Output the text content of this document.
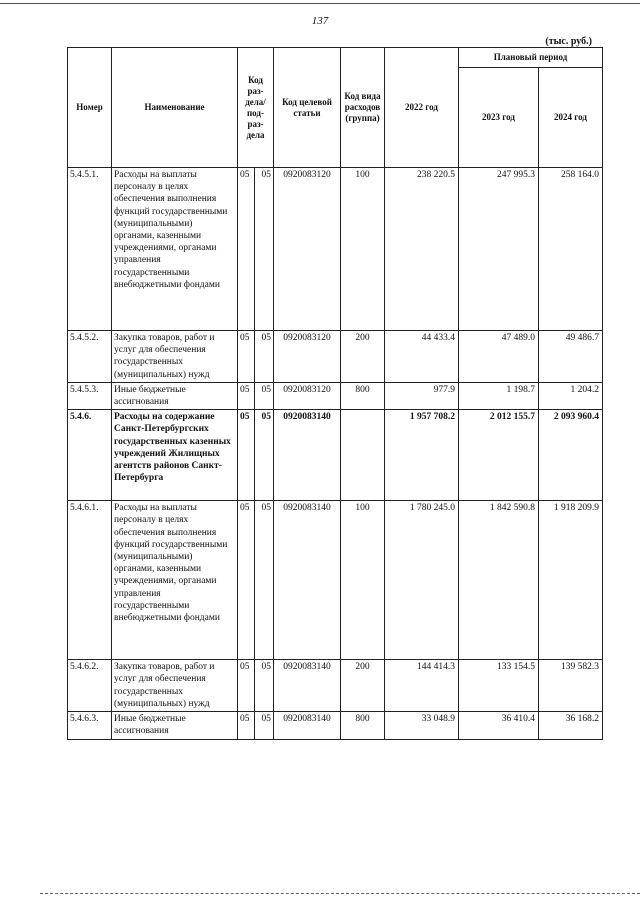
137
(тыс. руб.)
Номер	Наименование	Код раз-дела/ под-раз-дела		Код целевой статьи	Код вида расходов (группа)	2022 год	Плановый период	
							2023 год	2024 год
5.4.5.1.	Расходы на выплаты персоналу в целях обеспечения выполнения функций государственными (муниципальными) органами, казенными учреждениями, органами управления государственными внебюджетными фондами	05	05	0920083120	100	238 220.5	247 995.3	258 164.0
5.4.5.2.	Закупка товаров, работ и услуг для обеспечения государственных (муниципальных) нужд	05	05	0920083120	200	44 433.4	47 489.0	49 486.7
5.4.5.3.	Иные бюджетные ассигнования	05	05	0920083120	800	977.9	1 198.7	1 204.2
5.4.6.	Расходы на содержание Санкт-Петербургских государственных казенных учреждений Жилищных агентств районов Санкт-Петербурга	05	05	0920083140		1 957 708.2	2 012 155.7	2 093 960.4
5.4.6.1.	Расходы на выплаты персоналу в целях обеспечения выполнения функций государственными (муниципальными) органами, казенными учреждениями, органами управления государственными внебюджетными фондами	05	05	0920083140	100	1 780 245.0	1 842 590.8	1 918 209.9
5.4.6.2.	Закупка товаров, работ и услуг для обеспечения государственных (муниципальных) нужд	05	05	0920083140	200	144 414.3	133 154.5	139 582.3
5.4.6.3.	Иные бюджетные ассигнования	05	05	0920083140	800	33 048.9	36 410.4	36 168.2
